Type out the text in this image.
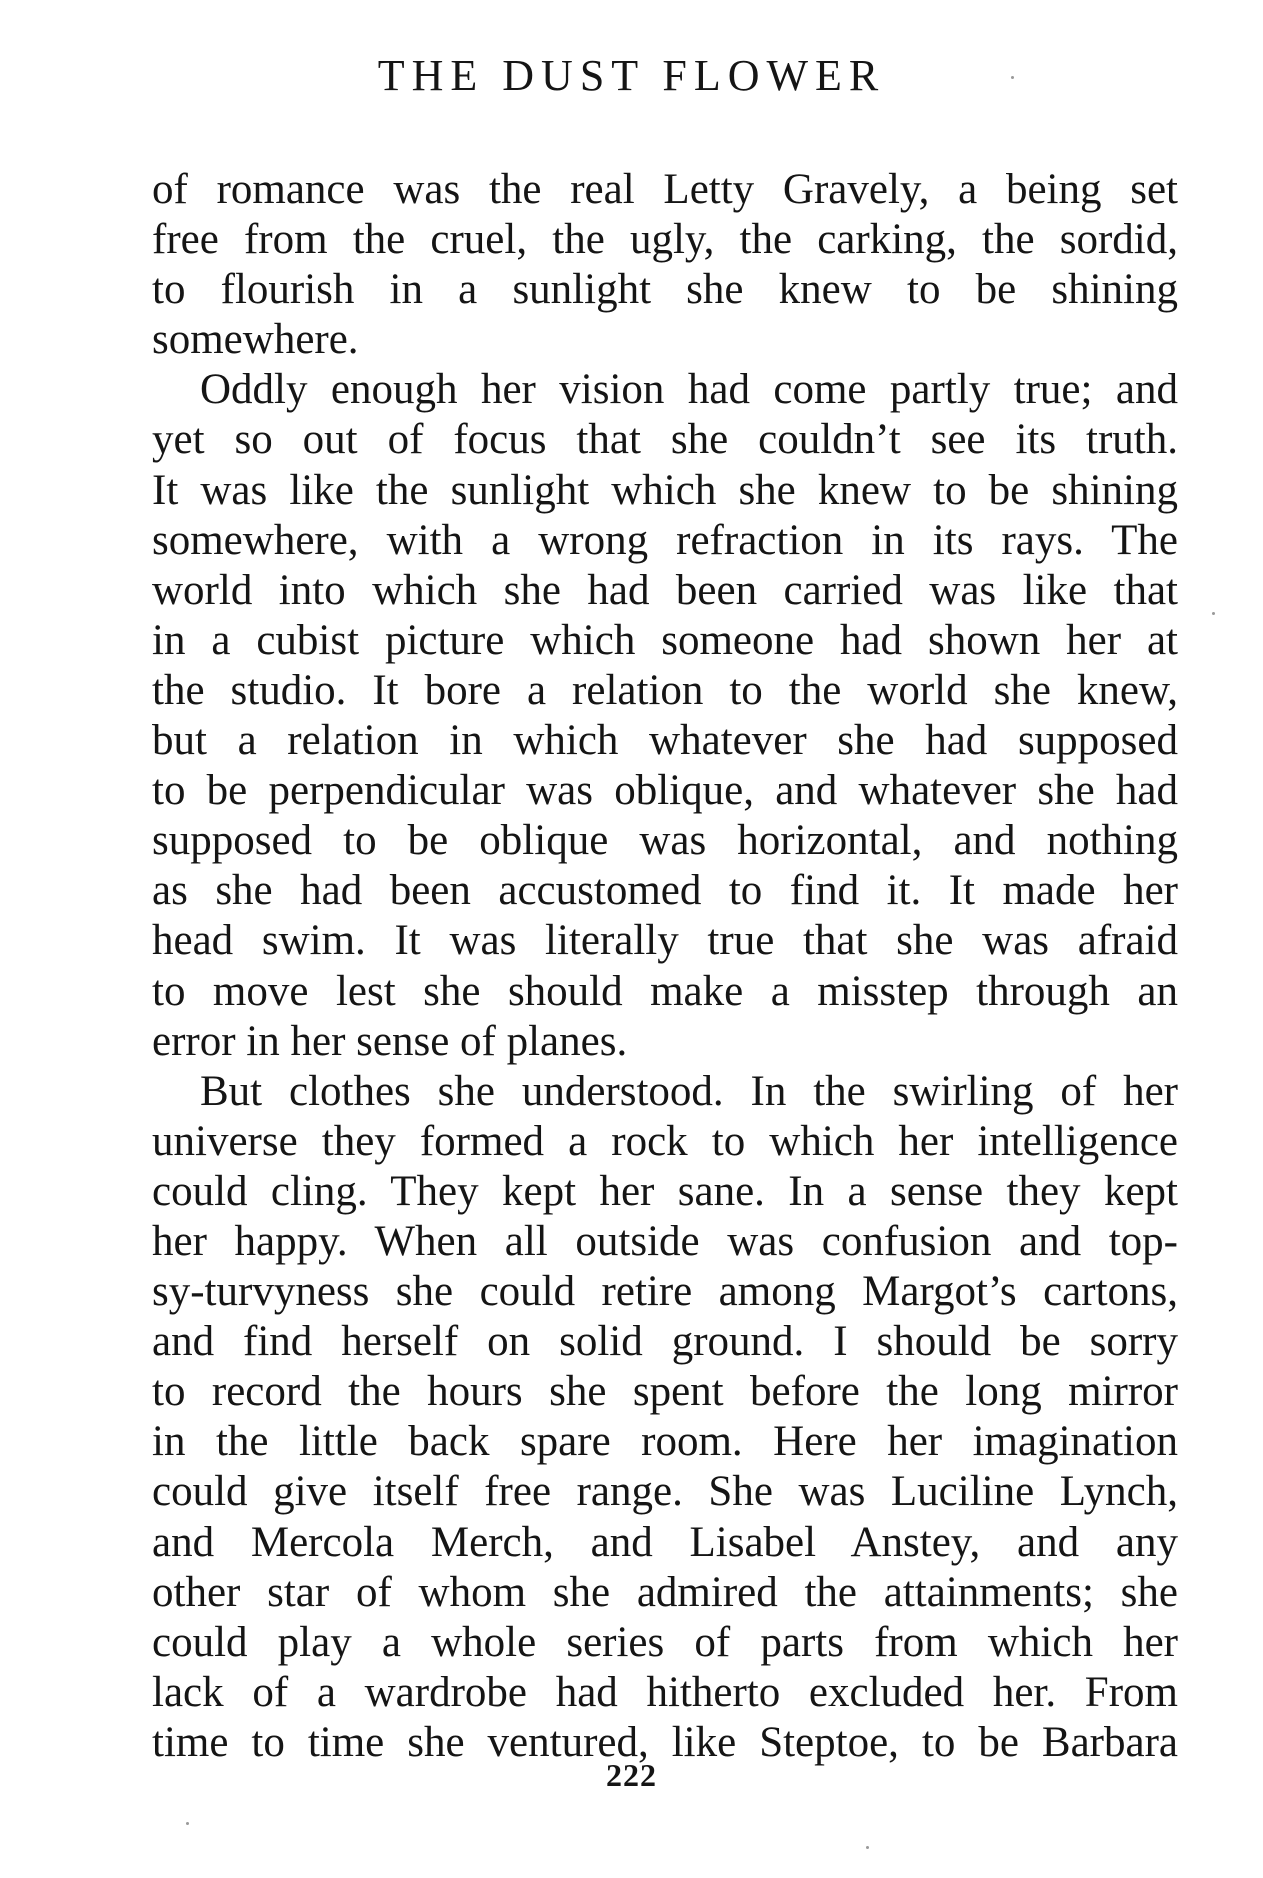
THE DUST FLOWER
of romance was the real Letty Gravely, a being set
free from the cruel, the ugly, the carking, the sordid,
to flourish in a sunlight she knew to be shining
somewhere.
Oddly enough her vision had come partly true; and
yet so out of focus that she couldn’t see its truth.
It was like the sunlight which she knew to be shining
somewhere, with a wrong refraction in its rays. The
world into which she had been carried was like that
in a cubist picture which someone had shown her at
the studio. It bore a relation to the world she knew,
but a relation in which whatever she had supposed
to be perpendicular was oblique, and whatever she had
supposed to be oblique was horizontal, and nothing
as she had been accustomed to find it. It made her
head swim. It was literally true that she was afraid
to move lest she should make a misstep through an
error in her sense of planes.
But clothes she understood. In the swirling of her
universe they formed a rock to which her intelligence
could cling. They kept her sane. In a sense they kept
her happy. When all outside was confusion and top-
sy-turvyness she could retire among Margot’s cartons,
and find herself on solid ground. I should be sorry
to record the hours she spent before the long mirror
in the little back spare room. Here her imagination
could give itself free range. She was Luciline Lynch,
and Mercola Merch, and Lisabel Anstey, and any
other star of whom she admired the attainments; she
could play a whole series of parts from which her
lack of a wardrobe had hitherto excluded her. From
time to time she ventured, like Steptoe, to be Barbara
222
